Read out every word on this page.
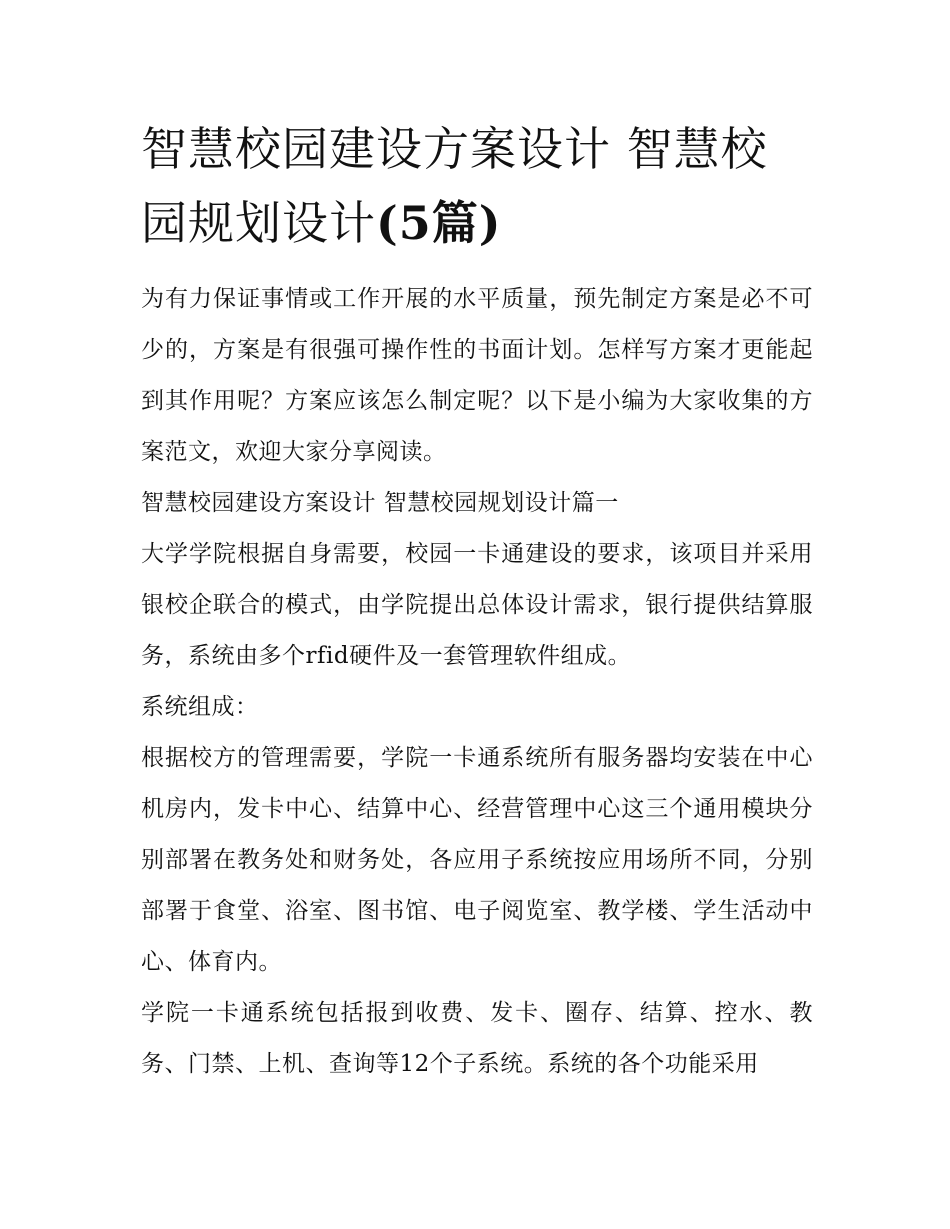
智慧校园建设方案设计 智慧校园规划设计(5篇)

为有力保证事情或工作开展的水平质量，预先制定方案是必不可少的，方案是有很强可操作性的书面计划。怎样写方案才更能起到其作用呢？方案应该怎么制定呢？以下是小编为大家收集的方案范文，欢迎大家分享阅读。

智慧校园建设方案设计 智慧校园规划设计篇一

大学学院根据自身需要，校园一卡通建设的要求，该项目并采用银校企联合的模式，由学院提出总体设计需求，银行提供结算服务，系统由多个rfid硬件及一套管理软件组成。

系统组成：

根据校方的管理需要，学院一卡通系统所有服务器均安装在中心机房内，发卡中心、结算中心、经营管理中心这三个通用模块分别部署在教务处和财务处，各应用子系统按应用场所不同，分别部署于食堂、浴室、图书馆、电子阅览室、教学楼、学生活动中心、体育内。

学院一卡通系统包括报到收费、发卡、圈存、结算、控水、教务、门禁、上机、查询等12个子系统。系统的各个功能采用
